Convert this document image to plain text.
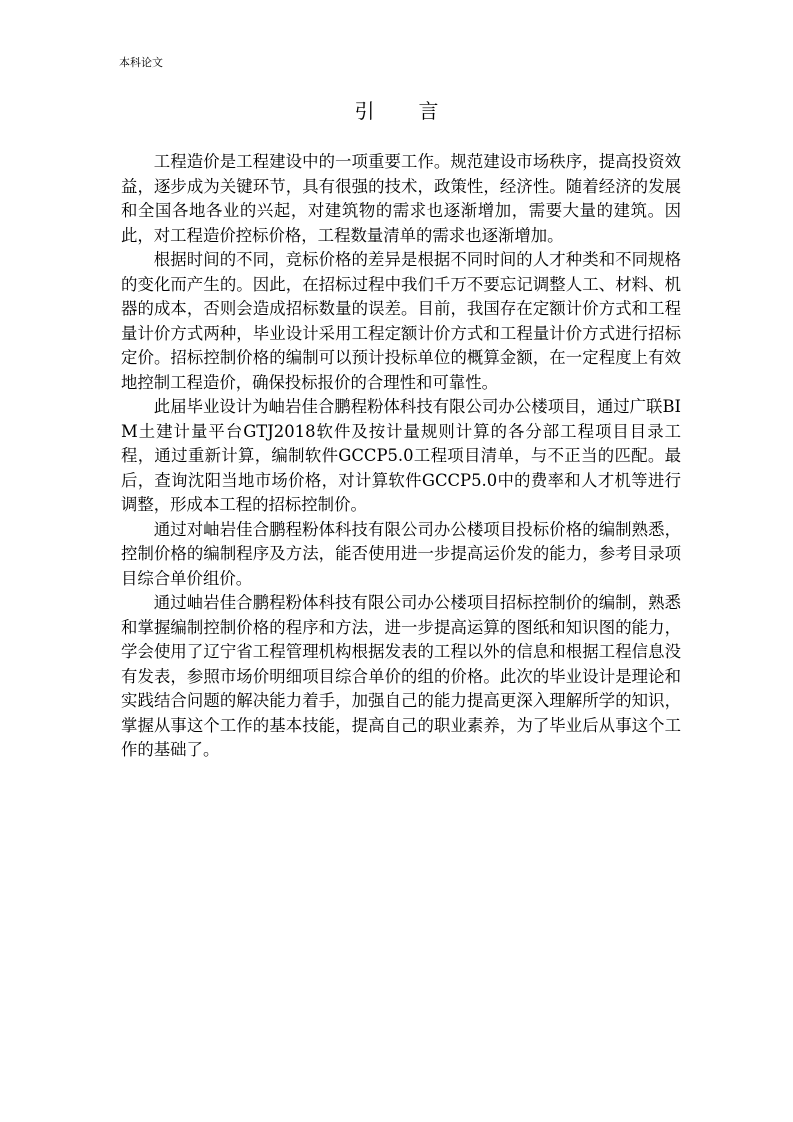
本科论文
引言

工程造价是工程建设中的一项重要工作。规范建设市场秩序，提高投资效益，逐步成为关键环节，具有很强的技术，政策性，经济性。随着经济的发展和全国各地各业的兴起，对建筑物的需求也逐渐增加，需要大量的建筑。因此，对工程造价控标价格，工程数量清单的需求也逐渐增加。

根据时间的不同，竞标价格的差异是根据不同时间的人才种类和不同规格的变化而产生的。因此，在招标过程中我们千万不要忘记调整人工、材料、机器的成本，否则会造成招标数量的误差。目前，我国存在定额计价方式和工程量计价方式两种，毕业设计采用工程定额计价方式和工程量计价方式进行招标定价。招标控制价格的编制可以预计投标单位的概算金额，在一定程度上有效地控制工程造价，确保投标报价的合理性和可靠性。

此届毕业设计为岫岩佳合鹏程粉体科技有限公司办公楼项目，通过广联BIM土建计量平台GTJ2018软件及按计量规则计算的各分部工程项目目录工程，通过重新计算，编制软件GCCP5.0工程项目清单，与不正当的匹配。最后，查询沈阳当地市场价格，对计算软件GCCP5.0中的费率和人才机等进行调整，形成本工程的招标控制价。

通过对岫岩佳合鹏程粉体科技有限公司办公楼项目投标价格的编制熟悉，控制价格的编制程序及方法，能否使用进一步提高运价发的能力，参考目录项目综合单价组价。

通过岫岩佳合鹏程粉体科技有限公司办公楼项目招标控制价的编制，熟悉和掌握编制控制价格的程序和方法，进一步提高运算的图纸和知识图的能力，学会使用了辽宁省工程管理机构根据发表的工程以外的信息和根据工程信息没有发表，参照市场价明细项目综合单价的组的价格。此次的毕业设计是理论和实践结合问题的解决能力着手，加强自己的能力提高更深入理解所学的知识，掌握从事这个工作的基本技能，提高自己的职业素养，为了毕业后从事这个工作的基础了。
